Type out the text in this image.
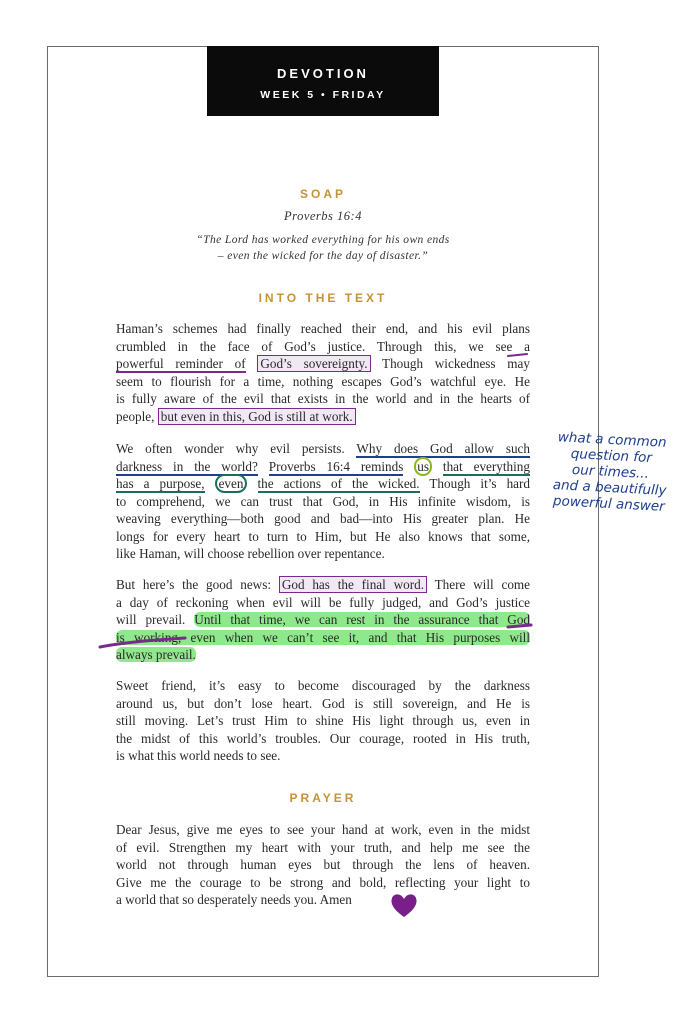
DEVOTION
WEEK 5 • FRIDAY
SOAP
Proverbs 16:4
“The Lord has worked everything for his own ends
– even the wicked for the day of disaster.”
INTO THE TEXT
Haman’s schemes had finally reached their end, and his evil plans
crumbled in the face of God’s justice. Through this, we see a
powerful reminder of God’s sovereignty. Though wickedness may
seem to flourish for a time, nothing escapes God’s watchful eye. He
is fully aware of the evil that exists in the world and in the hearts of
people, but even in this, God is still at work.
We often wonder why evil persists. Why does God allow such
darkness in the world? Proverbs 16:4 reminds us that everything
has a purpose, even the actions of the wicked. Though it’s hard
to comprehend, we can trust that God, in His infinite wisdom, is
weaving everything—both good and bad—into His greater plan. He
longs for every heart to turn to Him, but He also knows that some,
like Haman, will choose rebellion over repentance.
But here’s the good news: God has the final word. There will come
a day of reckoning when evil will be fully judged, and God’s justice
will prevail. Until that time, we can rest in the assurance that God
is working, even when we can’t see it, and that His purposes will
always prevail.
Sweet friend, it’s easy to become discouraged by the darkness
around us, but don’t lose heart. God is still sovereign, and He is
still moving. Let’s trust Him to shine His light through us, even in
the midst of this world’s troubles. Our courage, rooted in His truth,
is what this world needs to see.
PRAYER
Dear Jesus, give me eyes to see your hand at work, even in the midst
of evil. Strengthen my heart with your truth, and help me see the
world not through human eyes but through the lens of heaven.
Give me the courage to be strong and bold, reflecting your light to
a world that so desperately needs you. Amen
what a common
question for
our times...
and a beautifully
powerful answer
